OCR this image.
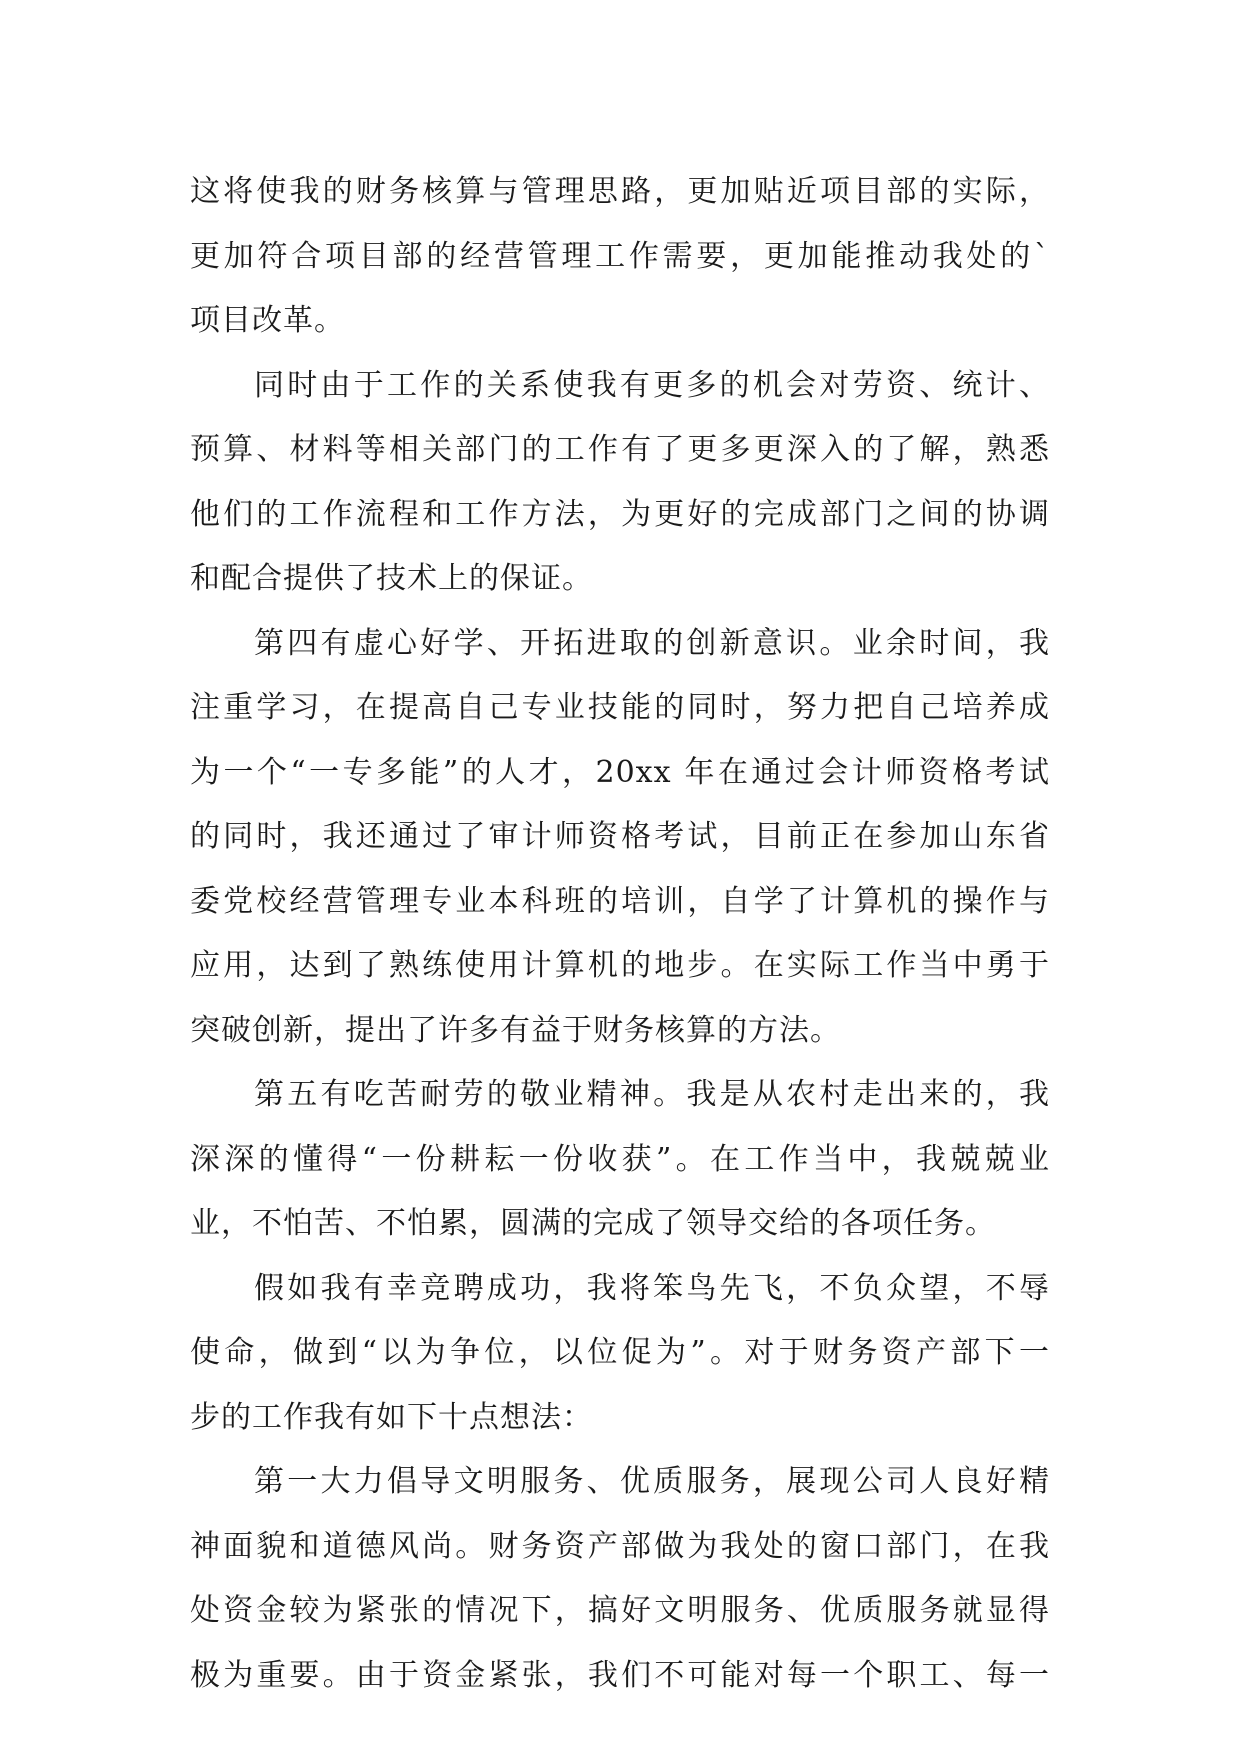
这将使我的财务核算与管理思路，更加贴近项目部的实际，
更加符合项目部的经营管理工作需要，更加能推动我处的`
项目改革。
同时由于工作的关系使我有更多的机会对劳资、统计、
预算、材料等相关部门的工作有了更多更深入的了解，熟悉
他们的工作流程和工作方法，为更好的完成部门之间的协调
和配合提供了技术上的保证。
第四有虚心好学、开拓进取的创新意识。业余时间，我
注重学习，在提高自己专业技能的同时，努力把自己培养成
为一个“一专多能”的人才，20xx 年在通过会计师资格考试
的同时，我还通过了审计师资格考试，目前正在参加山东省
委党校经营管理专业本科班的培训，自学了计算机的操作与
应用，达到了熟练使用计算机的地步。在实际工作当中勇于
突破创新，提出了许多有益于财务核算的方法。
第五有吃苦耐劳的敬业精神。我是从农村走出来的，我
深深的懂得“一份耕耘一份收获”。在工作当中，我兢兢业
业，不怕苦、不怕累，圆满的完成了领导交给的各项任务。
假如我有幸竞聘成功，我将笨鸟先飞，不负众望，不辱
使命，做到“以为争位，以位促为”。对于财务资产部下一
步的工作我有如下十点想法：
第一大力倡导文明服务、优质服务，展现公司人良好精
神面貌和道德风尚。财务资产部做为我处的窗口部门，在我
处资金较为紧张的情况下，搞好文明服务、优质服务就显得
极为重要。由于资金紧张，我们不可能对每一个职工、每一
